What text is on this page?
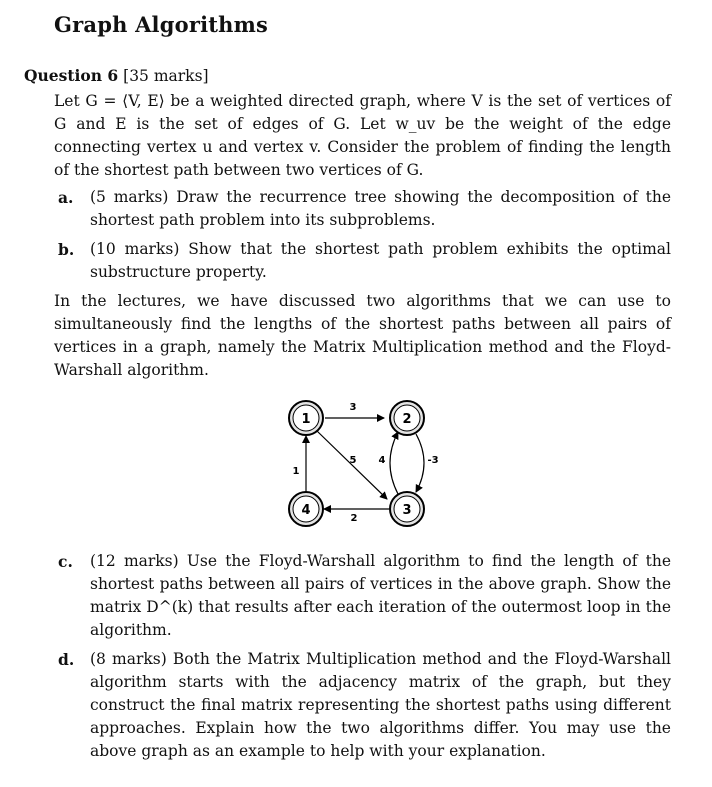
Graph Algorithms
Question 6 [35 marks]
Let G = ⟨V, E⟩ be a weighted directed graph, where V is the set of vertices of G and E is the set of edges of G. Let w_uv be the weight of the edge connecting vertex u and vertex v. Consider the problem of finding the length of the shortest path between two vertices of G.
a. (5 marks) Draw the recurrence tree showing the decomposition of the shortest path problem into its subproblems.
b. (10 marks) Show that the shortest path problem exhibits the optimal substructure property.
In the lectures, we have discussed two algorithms that we can use to simultaneously find the lengths of the shortest paths between all pairs of vertices in a graph, namely the Matrix Multiplication method and the Floyd-Warshall algorithm.
3
5 4	-3
2
1
1	2
3
4
c. (12 marks) Use the Floyd-Warshall algorithm to find the length of the shortest paths between all pairs of vertices in the above graph. Show the matrix D^(k) that results after each iteration of the outermost loop in the algorithm.
d. (8 marks) Both the Matrix Multiplication method and the Floyd-Warshall algorithm starts with the adjacency matrix of the graph, but they construct the final matrix representing the shortest paths using different approaches. Explain how the two algorithms differ. You may use the above graph as an example to help with your explanation.
